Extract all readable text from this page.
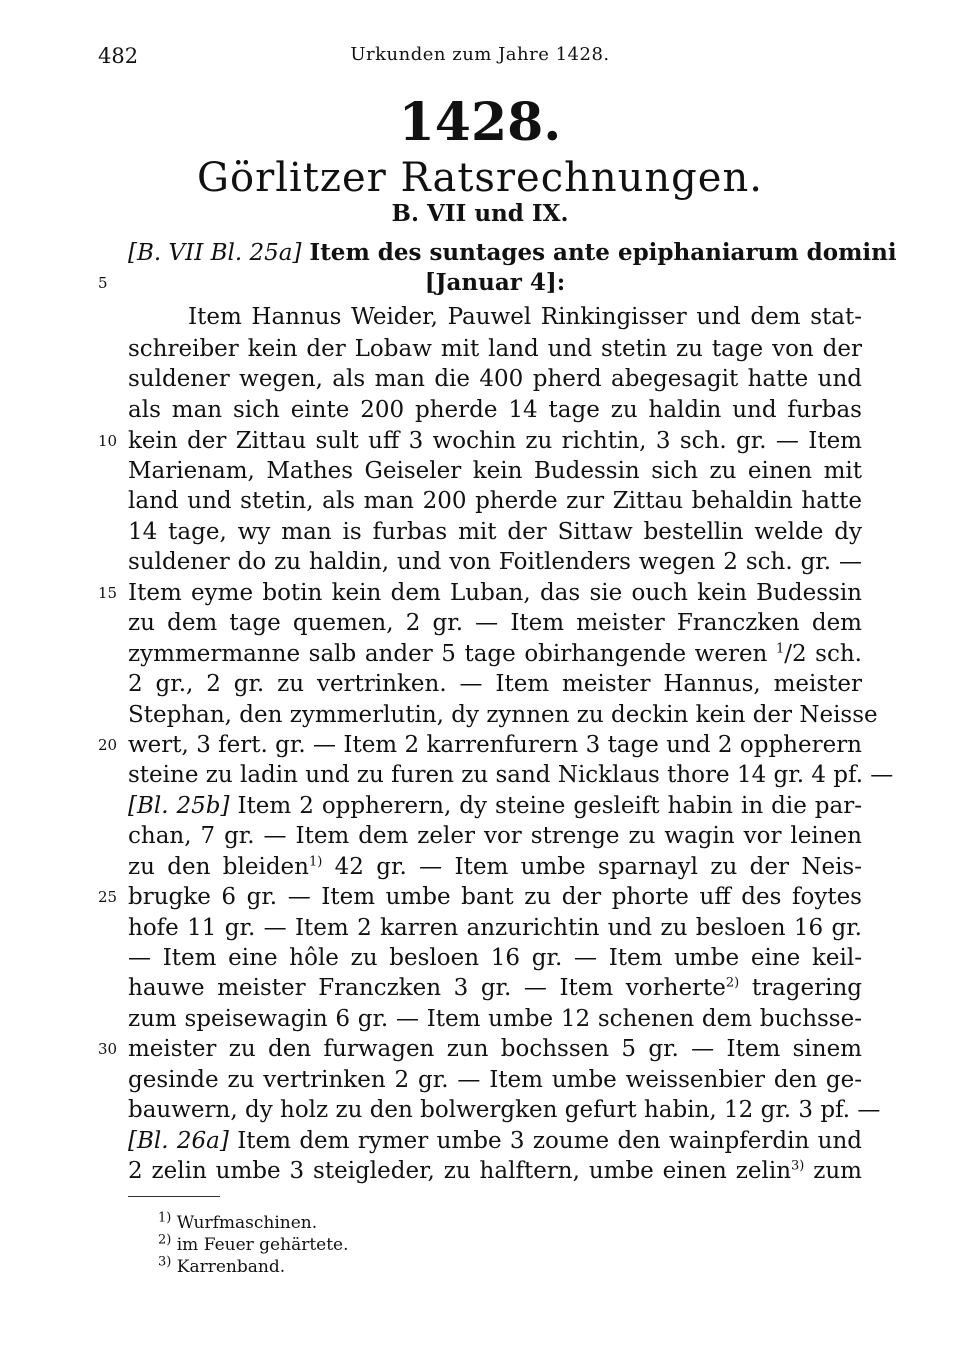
482	Urkunden zum Jahre 1428.
1428.
Görlitzer Ratsrechnungen.
B. VII und IX.
5
10
15
20
25
30
[B. VII Bl. 25a] Item des suntages ante epiphaniarum domini
[Januar 4]:
Item Hannus Weider, Pauwel Rinkingisser und dem stat-
schreiber kein der Lobaw mit land und stetin zu tage von der
suldener wegen, als man die 400 pherd abegesagit hatte und
als man sich einte 200 pherde 14 tage zu haldin und furbas
kein der Zittau sult uff 3 wochin zu richtin, 3 sch. gr. — Item
Marienam, Mathes Geiseler kein Budessin sich zu einen mit
land und stetin, als man 200 pherde zur Zittau behaldin hatte
14 tage, wy man is furbas mit der Sittaw bestellin welde dy
suldener do zu haldin, und von Foitlenders wegen 2 sch. gr. —
Item eyme botin kein dem Luban, das sie ouch kein Budessin
zu dem tage quemen, 2 gr. — Item meister Franczken dem
zymmermanne salb ander 5 tage obirhangende weren $^1$/2 sch.
2 gr., 2 gr. zu vertrinken. — Item meister Hannus, meister
Stephan, den zymmerlutin, dy zynnen zu deckin kein der Neisse
wert, 3 fert. gr. — Item 2 karrenfurern 3 tage und 2 oppherern
steine zu ladin und zu furen zu sand Nicklaus thore 14 gr. 4 pf. —
[Bl. 25b] Item 2 oppherern, dy steine gesleift habin in die par-
chan, 7 gr. — Item dem zeler vor strenge zu wagin vor leinen
zu den bleiden$^{1)}$ 42 gr. — Item umbe sparnayl zu der Neis-
brugke 6 gr. — Item umbe bant zu der phorte uff des foytes
hofe 11 gr. — Item 2 karren anzurichtin und zu besloen 16 gr.
— Item eine hôle zu besloen 16 gr. — Item umbe eine keil-
hauwe meister Franczken 3 gr. — Item vorherte$^{2)}$ tragering
zum speisewagin 6 gr. — Item umbe 12 schenen dem buchsse-
meister zu den furwagen zun bochssen 5 gr. — Item sinem
gesinde zu vertrinken 2 gr. — Item umbe weissenbier den ge-
bauwern, dy holz zu den bolwergken gefurt habin, 12 gr. 3 pf. —
[Bl. 26a] Item dem rymer umbe 3 zoume den wainpferdin und
2 zelin umbe 3 steigleder, zu halftern, umbe einen zelin$^{3)}$ zum
$^{1)}$ Wurfmaschinen.
$^{2)}$ im Feuer gehärtete.
$^{3)}$ Karrenband.
